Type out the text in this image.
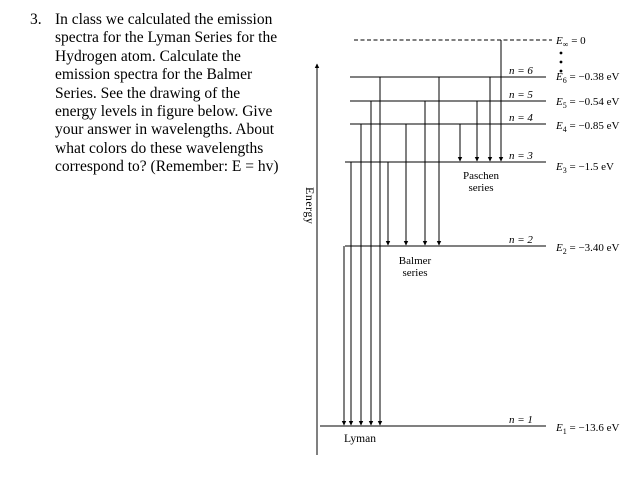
3. In class we calculated the emission
spectra for the Lyman Series for the
Hydrogen atom. Calculate the
emission spectra for the Balmer
Series. See the drawing of the
energy levels in figure below. Give
your answer in wavelengths. About
what colors do these wavelengths
correspond to? (Remember: E = hv)
Energy
$E_\infty = 0$
n = 6
n = 5
n = 4
n = 3
n = 2
n = 1
$E_6 = -0.38$ eV
$E_5 = -0.54$ eV
$E_4 = -0.85$ eV
$E_3 = -1.5$ eV
$E_2 = -3.40$ eV
$E_1 = -13.6$ eV
Paschen
series
Balmer
series
Lyman
